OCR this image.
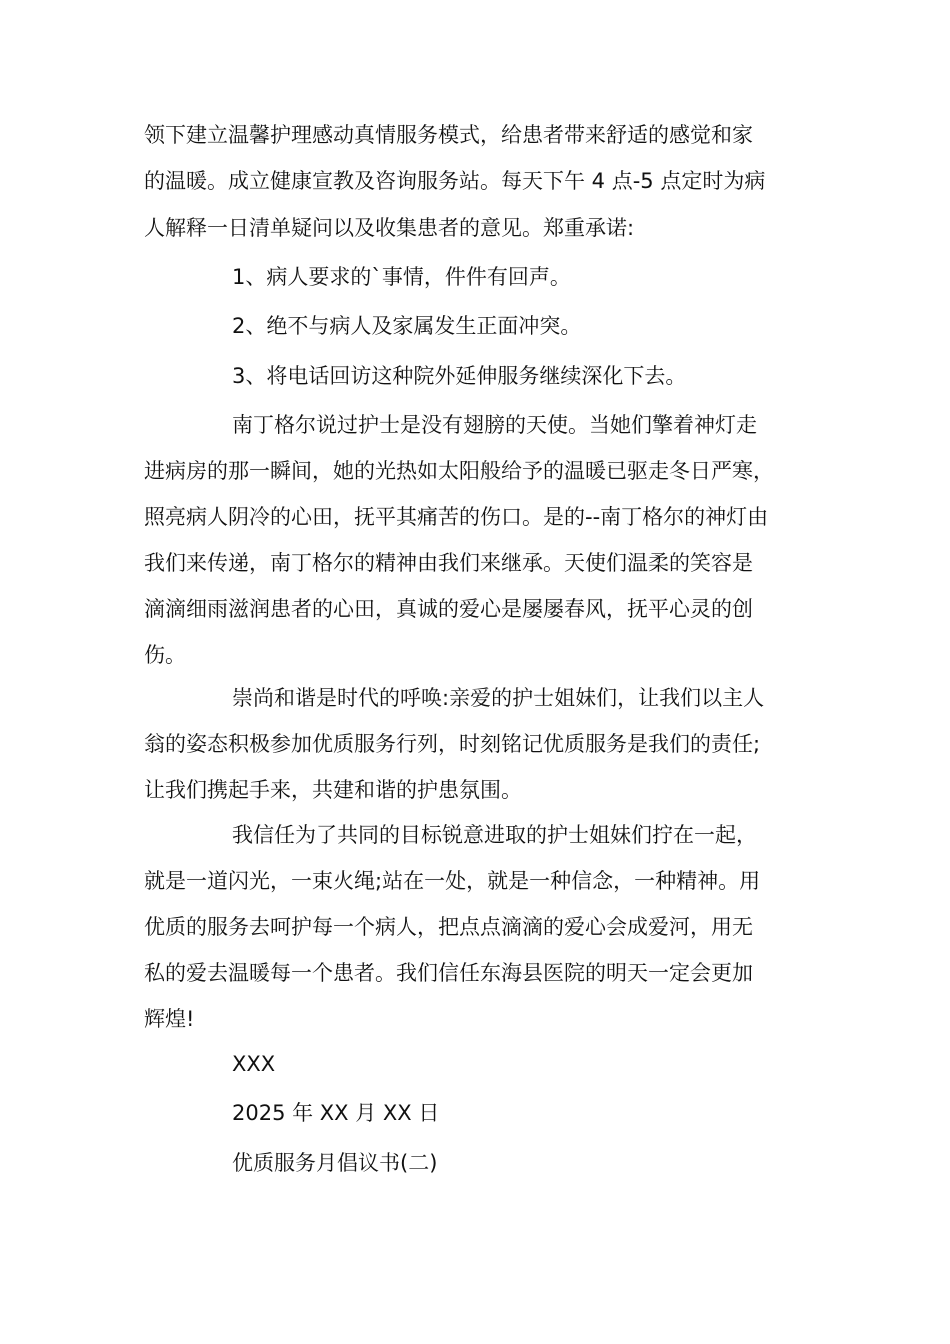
领下建立温馨护理感动真情服务模式，给患者带来舒适的感觉和家
的温暖。成立健康宣教及咨询服务站。每天下午 4 点-5 点定时为病
人解释一日清单疑问以及收集患者的意见。郑重承诺:
1、病人要求的`事情，件件有回声。
2、绝不与病人及家属发生正面冲突。
3、将电话回访这种院外延伸服务继续深化下去。
南丁格尔说过护士是没有翅膀的天使。当她们擎着神灯走
进病房的那一瞬间，她的光热如太阳般给予的温暖已驱走冬日严寒，
照亮病人阴冷的心田，抚平其痛苦的伤口。是的--南丁格尔的神灯由
我们来传递，南丁格尔的精神由我们来继承。天使们温柔的笑容是
滴滴细雨滋润患者的心田，真诚的爱心是屡屡春风，抚平心灵的创
伤。
崇尚和谐是时代的呼唤:亲爱的护士姐妹们，让我们以主人
翁的姿态积极参加优质服务行列，时刻铭记优质服务是我们的责任;
让我们携起手来，共建和谐的护患氛围。
我信任为了共同的目标锐意进取的护士姐妹们拧在一起，
就是一道闪光，一束火绳;站在一处，就是一种信念，一种精神。用
优质的服务去呵护每一个病人，把点点滴滴的爱心会成爱河，用无
私的爱去温暖每一个患者。我们信任东海县医院的明天一定会更加
辉煌!
XXX
2025 年 XX 月 XX 日
优质服务月倡议书(二)
